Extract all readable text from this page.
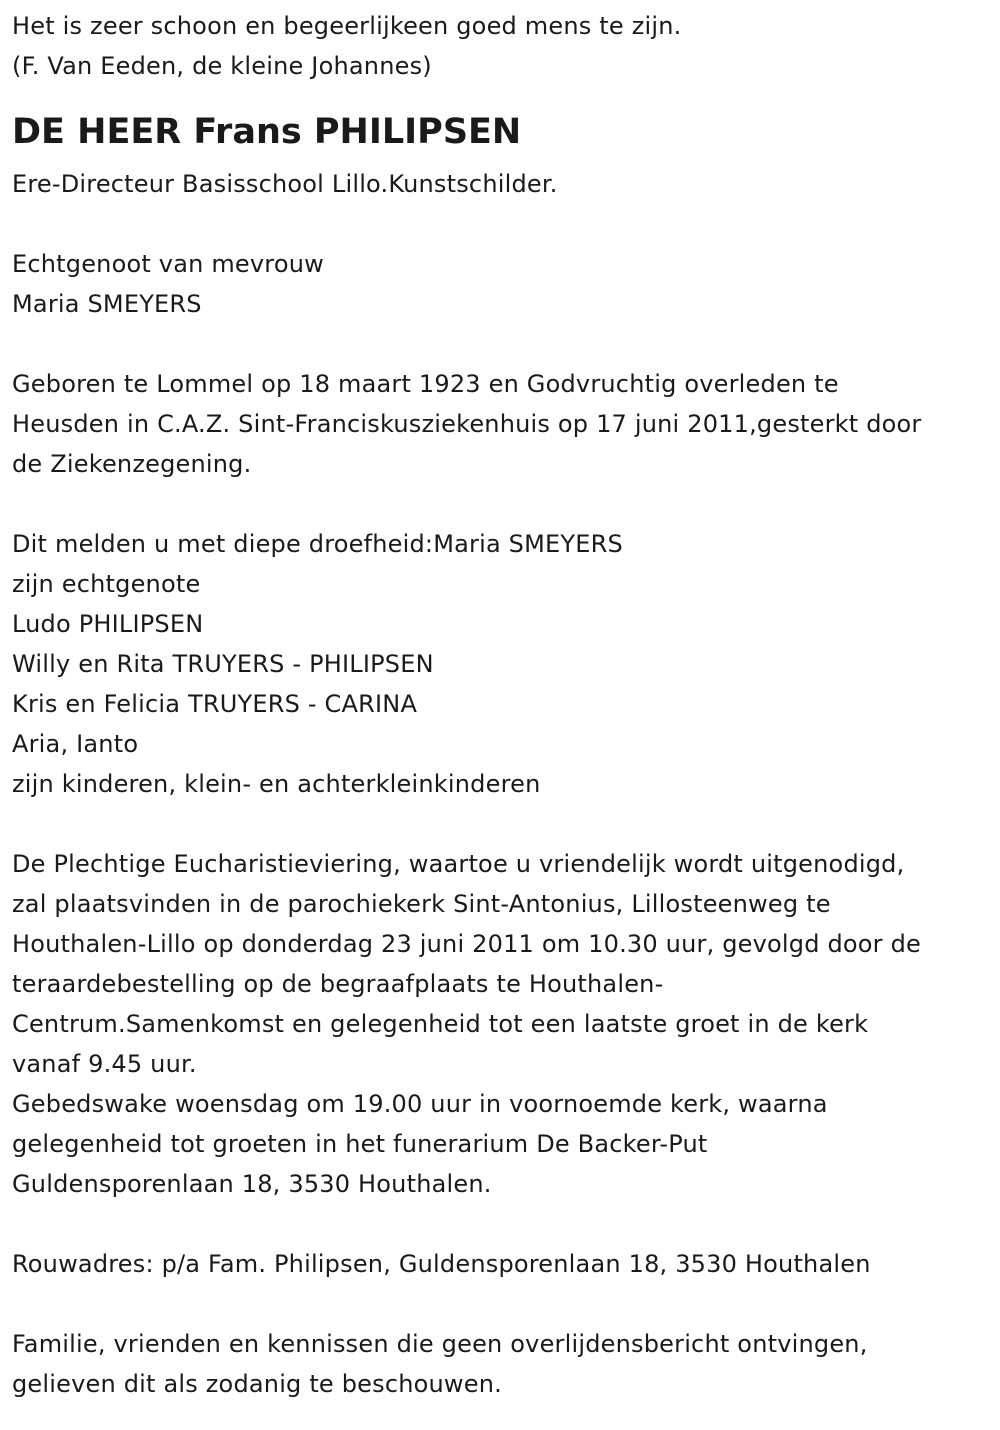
Het is zeer schoon en begeerlijkeen goed mens te zijn.
(F. Van Eeden, de kleine Johannes)
DE HEER Frans PHILIPSEN
Ere-Directeur Basisschool Lillo.Kunstschilder.
Echtgenoot van mevrouw
Maria SMEYERS
Geboren te Lommel op 18 maart 1923 en Godvruchtig overleden te
Heusden in C.A.Z. Sint-Franciskusziekenhuis op 17 juni 2011,gesterkt door
de Ziekenzegening.
Dit melden u met diepe droefheid:Maria SMEYERS
zijn echtgenote
Ludo PHILIPSEN
Willy en Rita TRUYERS - PHILIPSEN
Kris en Felicia TRUYERS - CARINA
Aria, Ianto
zijn kinderen, klein- en achterkleinkinderen
De Plechtige Eucharistieviering, waartoe u vriendelijk wordt uitgenodigd,
zal plaatsvinden in de parochiekerk Sint-Antonius, Lillosteenweg te
Houthalen-Lillo op donderdag 23 juni 2011 om 10.30 uur, gevolgd door de
teraardebestelling op de begraafplaats te Houthalen-
Centrum.Samenkomst en gelegenheid tot een laatste groet in de kerk
vanaf 9.45 uur.
Gebedswake woensdag om 19.00 uur in voornoemde kerk, waarna
gelegenheid tot groeten in het funerarium De Backer-Put
Guldensporenlaan 18, 3530 Houthalen.
Rouwadres: p/a Fam. Philipsen, Guldensporenlaan 18, 3530 Houthalen
Familie, vrienden en kennissen die geen overlijdensbericht ontvingen,
gelieven dit als zodanig te beschouwen.
